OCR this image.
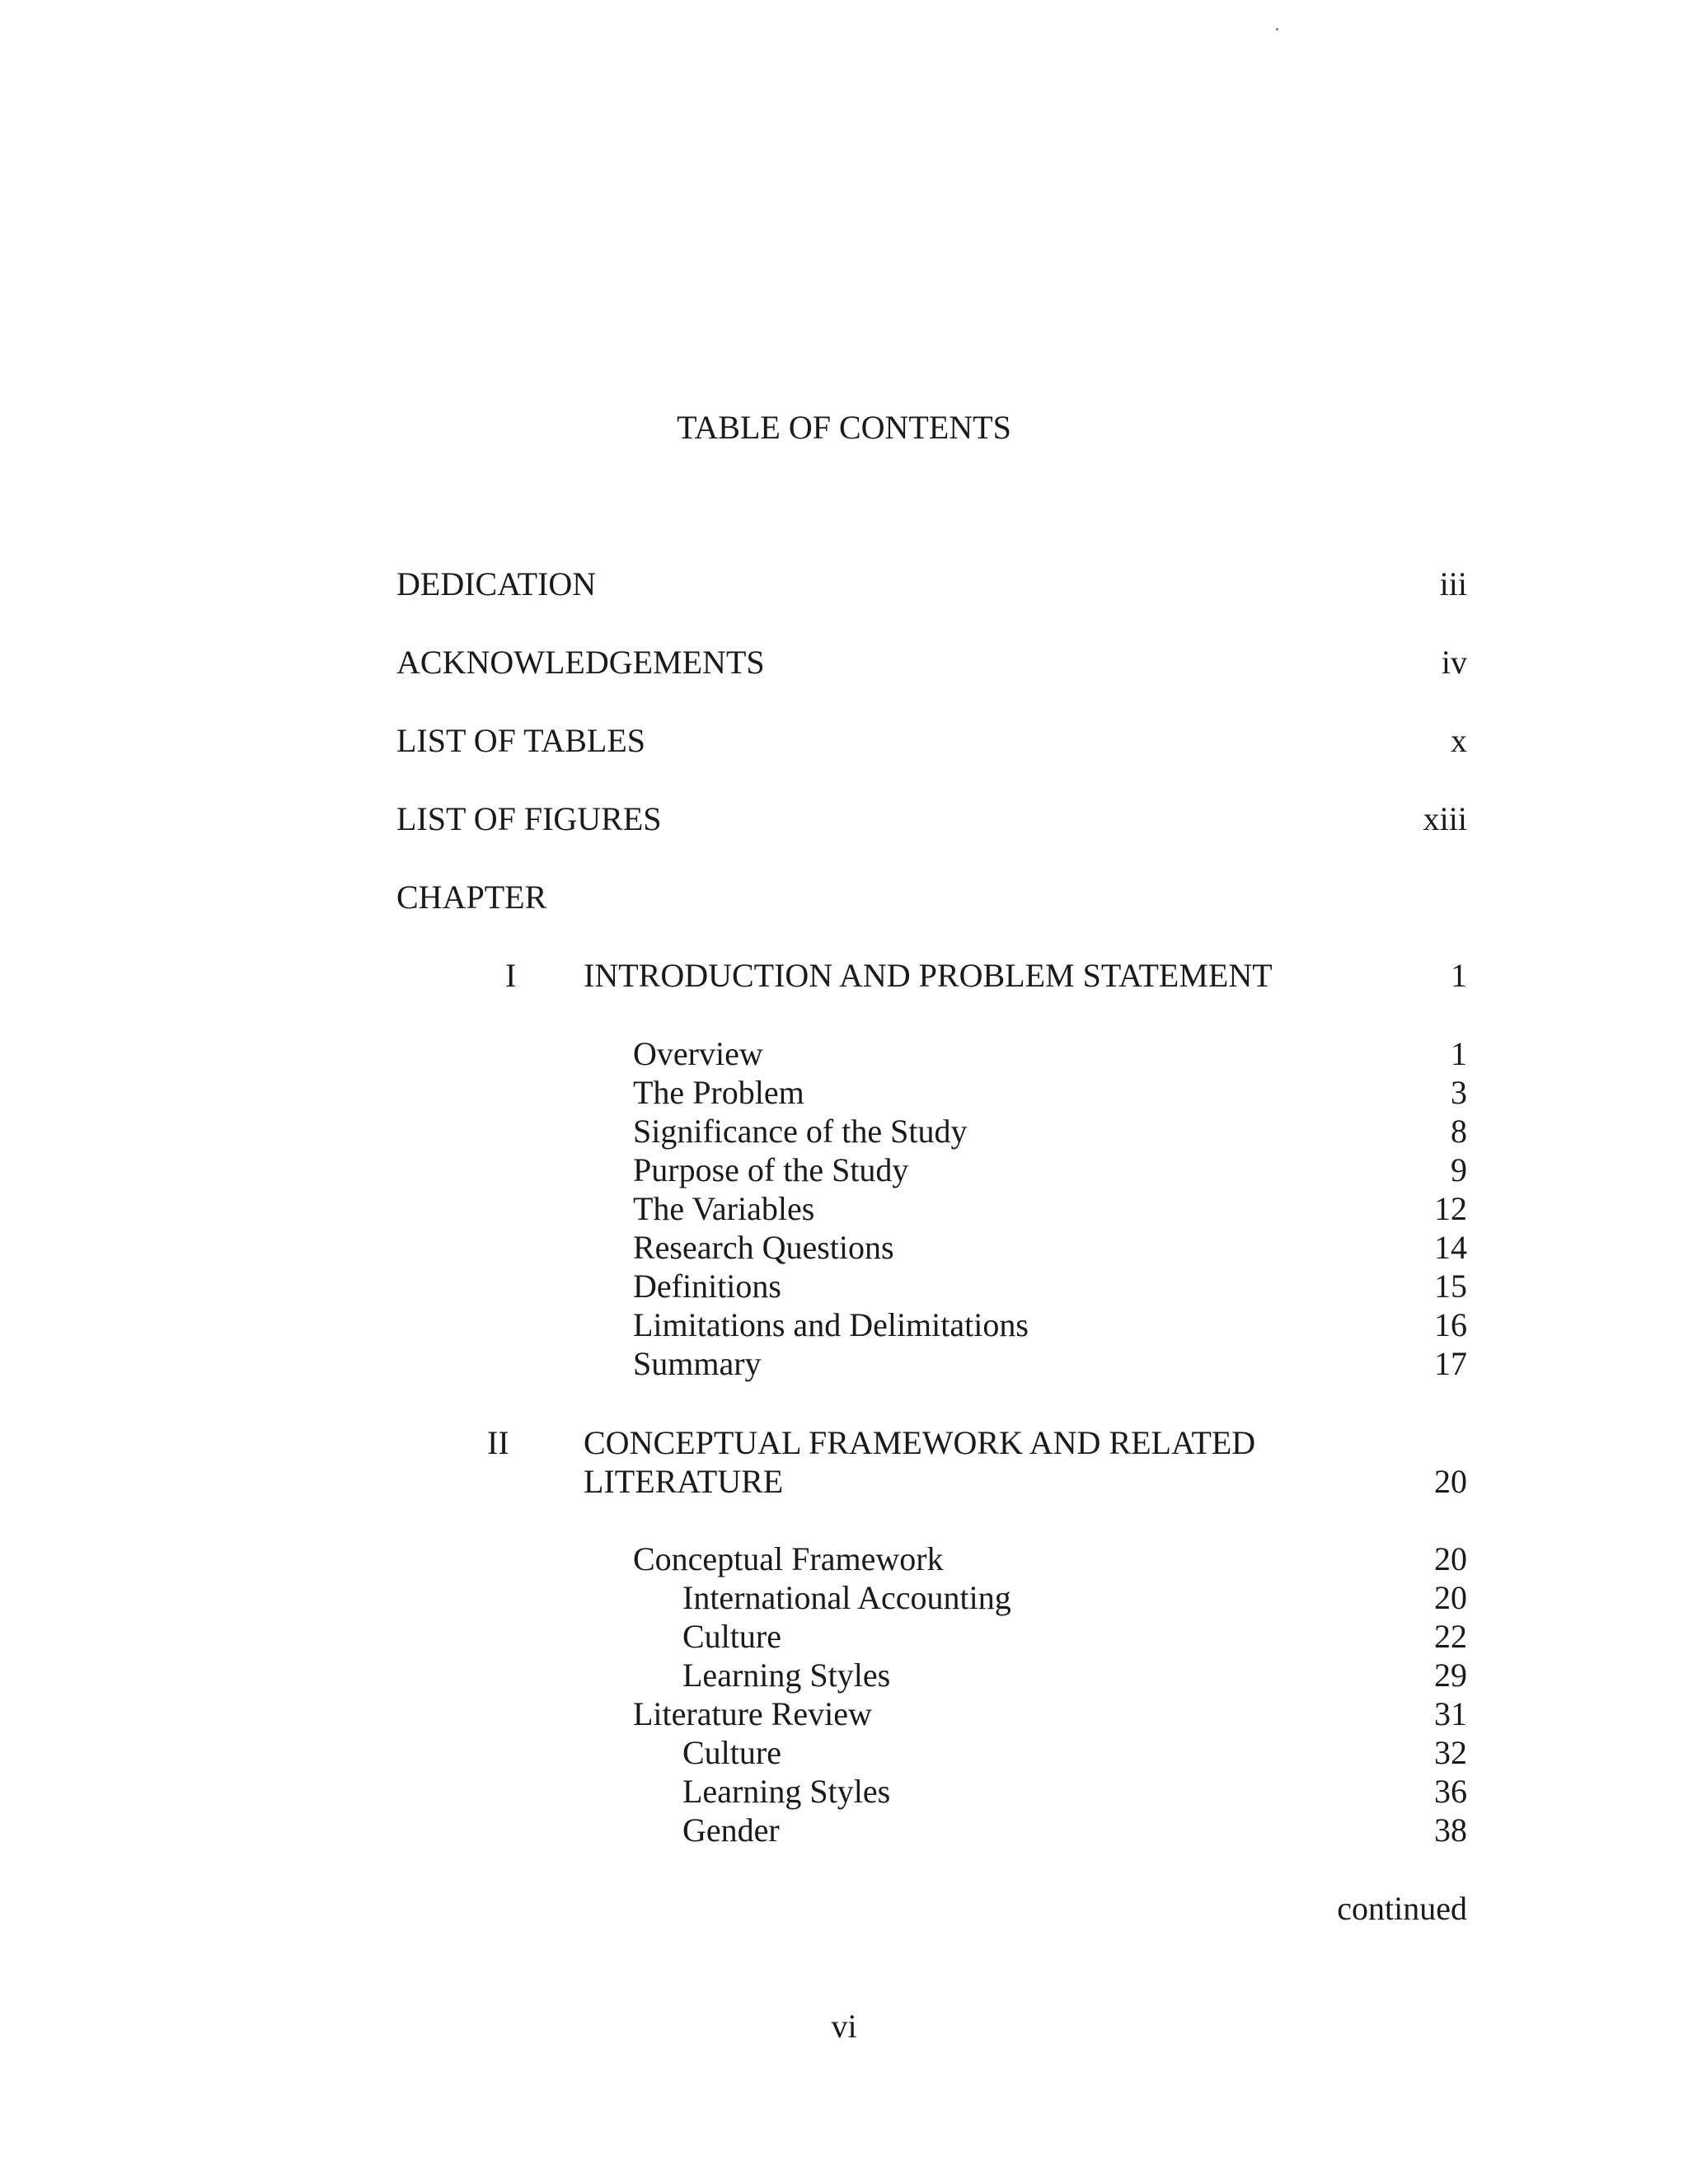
TABLE OF CONTENTS
DEDICATION	iii
ACKNOWLEDGEMENTS	iv
LIST OF TABLES	x
LIST OF FIGURES	xiii
CHAPTER
I INTRODUCTION AND PROBLEM STATEMENT	1
Overview	1
The Problem	3
Significance of the Study	8
Purpose of the Study	9
The Variables	12
Research Questions	14
Definitions	15
Limitations and Delimitations	16
Summary	17
II CONCEPTUAL FRAMEWORK AND RELATED
LITERATURE	20
Conceptual Framework	20
International Accounting	20
Culture	22
Learning Styles	29
Literature Review	31
Culture	32
Learning Styles	36
Gender	38
continued
vi
